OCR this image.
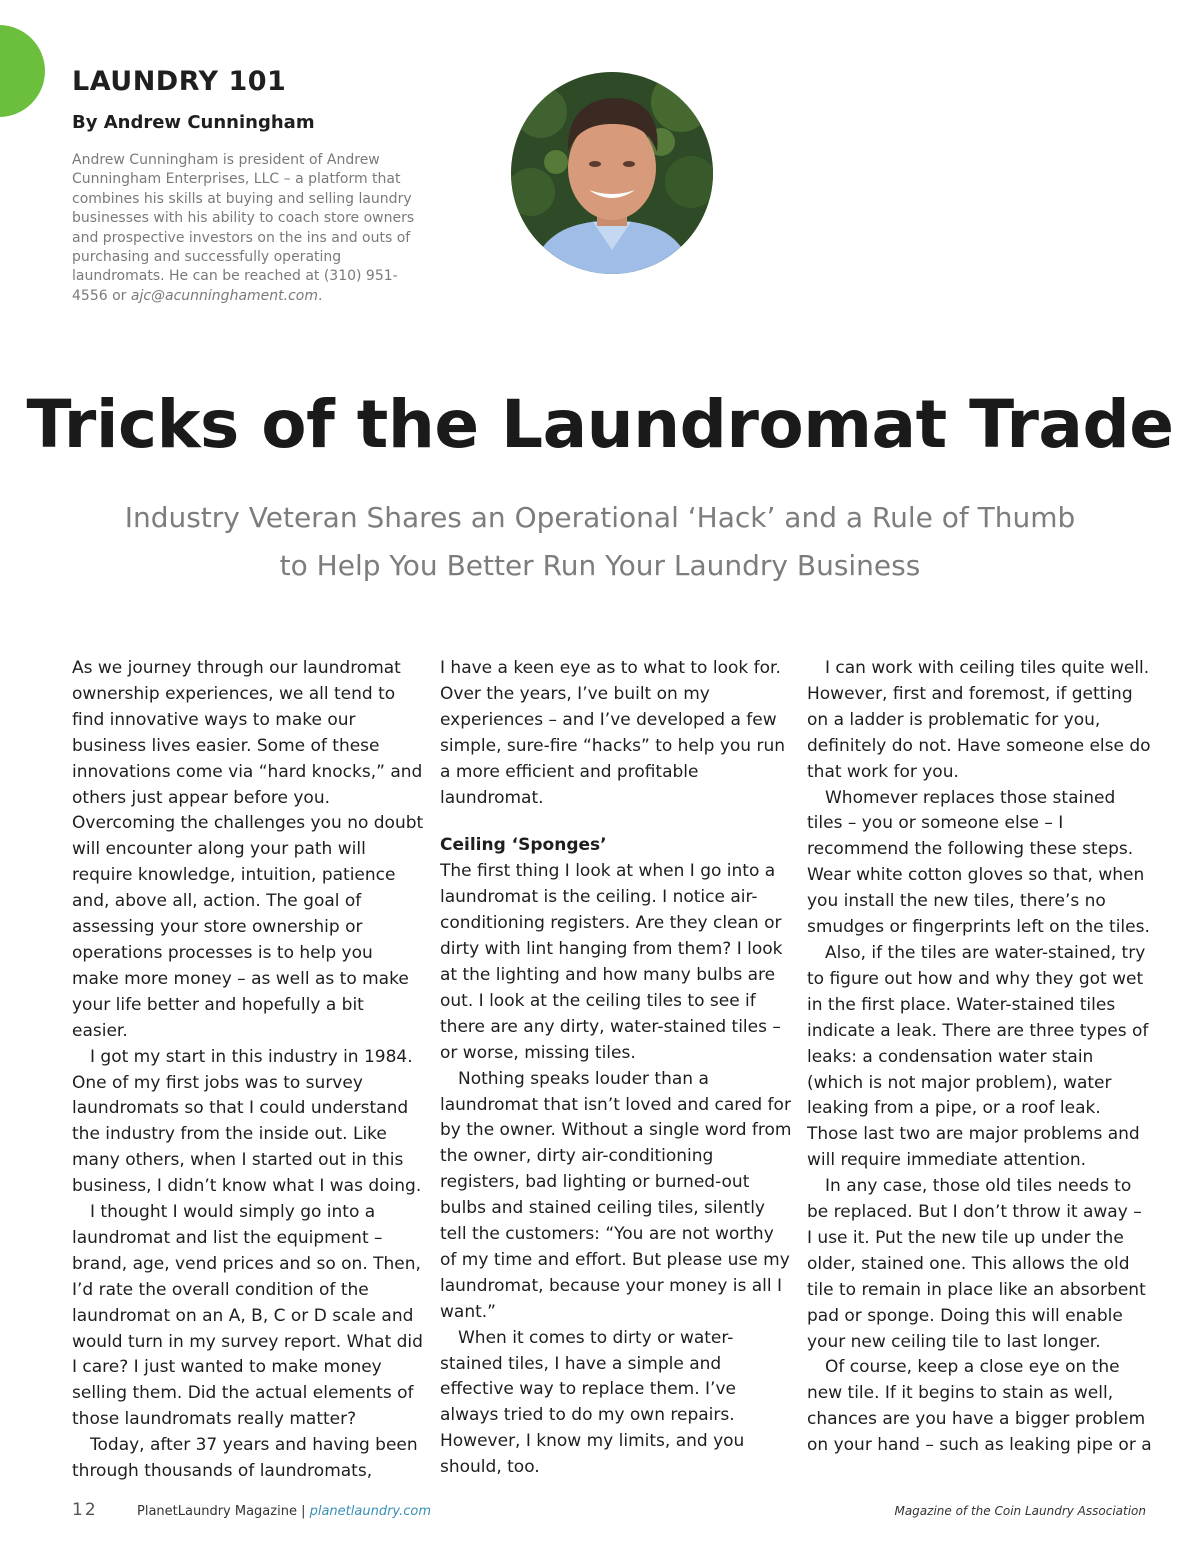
LAUNDRY 101
By Andrew Cunningham

Andrew Cunningham is president of Andrew Cunningham Enterprises, LLC – a platform that combines his skills at buying and selling laundry businesses with his ability to coach store owners and prospective investors on the ins and outs of purchasing and successfully operating laundromats. He can be reached at (310) 951-4556 or ajc@acunninghament.com.

Tricks of the Laundromat Trade

Industry Veteran Shares an Operational ‘Hack’ and a Rule of Thumb
to Help You Better Run Your Laundry Business

As we journey through our laundromat ownership experiences, we all tend to find innovative ways to make our business lives easier. Some of these innovations come via “hard knocks,” and others just appear before you. Overcoming the challenges you no doubt will encounter along your path will require knowledge, intuition, patience and, above all, action. The goal of assessing your store ownership or operations processes is to help you make more money – as well as to make your life better and hopefully a bit easier.

I got my start in this industry in 1984. One of my first jobs was to survey laundromats so that I could understand the industry from the inside out. Like many others, when I started out in this business, I didn’t know what I was doing.

I thought I would simply go into a laundromat and list the equipment – brand, age, vend prices and so on. Then, I’d rate the overall condition of the laundromat on an A, B, C or D scale and would turn in my survey report. What did I care? I just wanted to make money selling them. Did the actual elements of those laundromats really matter?

Today, after 37 years and having been through thousands of laundromats,

I have a keen eye as to what to look for. Over the years, I’ve built on my experiences – and I’ve developed a few simple, sure-fire “hacks” to help you run a more efficient and profitable laundromat.

Ceiling ‘Sponges’

The first thing I look at when I go into a laundromat is the ceiling. I notice air-conditioning registers. Are they clean or dirty with lint hanging from them? I look at the lighting and how many bulbs are out. I look at the ceiling tiles to see if there are any dirty, water-stained tiles – or worse, missing tiles.

Nothing speaks louder than a laundromat that isn’t loved and cared for by the owner. Without a single word from the owner, dirty air-conditioning registers, bad lighting or burned-out bulbs and stained ceiling tiles, silently tell the customers: “You are not worthy of my time and effort. But please use my laundromat, because your money is all I want.”

When it comes to dirty or water-stained tiles, I have a simple and effective way to replace them. I’ve always tried to do my own repairs. However, I know my limits, and you should, too.

I can work with ceiling tiles quite well. However, first and foremost, if getting on a ladder is problematic for you, definitely do not. Have someone else do that work for you.

Whomever replaces those stained tiles – you or someone else – I recommend the following these steps. Wear white cotton gloves so that, when you install the new tiles, there’s no smudges or fingerprints left on the tiles.

Also, if the tiles are water-stained, try to figure out how and why they got wet in the first place. Water-stained tiles indicate a leak. There are three types of leaks: a condensation water stain (which is not major problem), water leaking from a pipe, or a roof leak. Those last two are major problems and will require immediate attention.

In any case, those old tiles needs to be replaced. But I don’t throw it away – I use it. Put the new tile up under the older, stained one. This allows the old tile to remain in place like an absorbent pad or sponge. Doing this will enable your new ceiling tile to last longer.

Of course, keep a close eye on the new tile. If it begins to stain as well, chances are you have a bigger problem on your hand – such as leaking pipe or a

12	PlanetLaundry Magazine | planetlaundry.com	Magazine of the Coin Laundry Association
